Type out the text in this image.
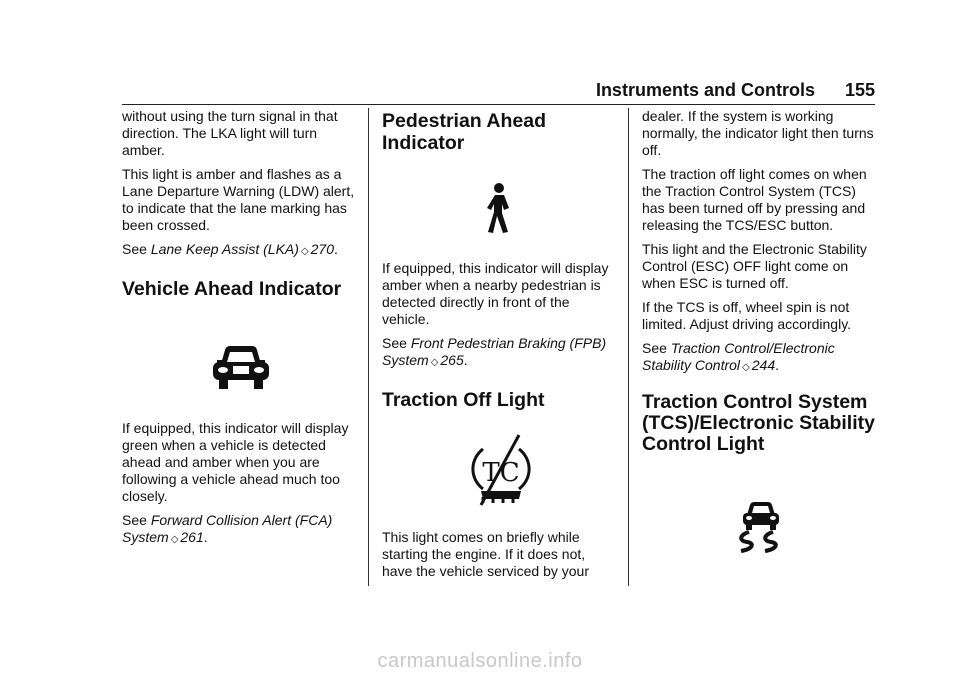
Instruments and Controls 155

without using the turn signal in that direction. The LKA light will turn amber.

This light is amber and flashes as a Lane Departure Warning (LDW) alert, to indicate that the lane marking has been crossed.

See Lane Keep Assist (LKA) ◇ 270.

Vehicle Ahead Indicator

If equipped, this indicator will display green when a vehicle is detected ahead and amber when you are following a vehicle ahead much too closely.

See Forward Collision Alert (FCA) System ◇ 261.

Pedestrian Ahead Indicator

If equipped, this indicator will display amber when a nearby pedestrian is detected directly in front of the vehicle.

See Front Pedestrian Braking (FPB) System ◇ 265.

Traction Off Light
TC

This light comes on briefly while starting the engine. If it does not, have the vehicle serviced by your

dealer. If the system is working normally, the indicator light then turns off.

The traction off light comes on when the Traction Control System (TCS) has been turned off by pressing and releasing the TCS/ESC button.

This light and the Electronic Stability Control (ESC) OFF light come on when ESC is turned off.

If the TCS is off, wheel spin is not limited. Adjust driving accordingly.

See Traction Control/Electronic Stability Control ◇ 244.

Traction Control System (TCS)/Electronic Stability Control Light
carmanualsonline.info
